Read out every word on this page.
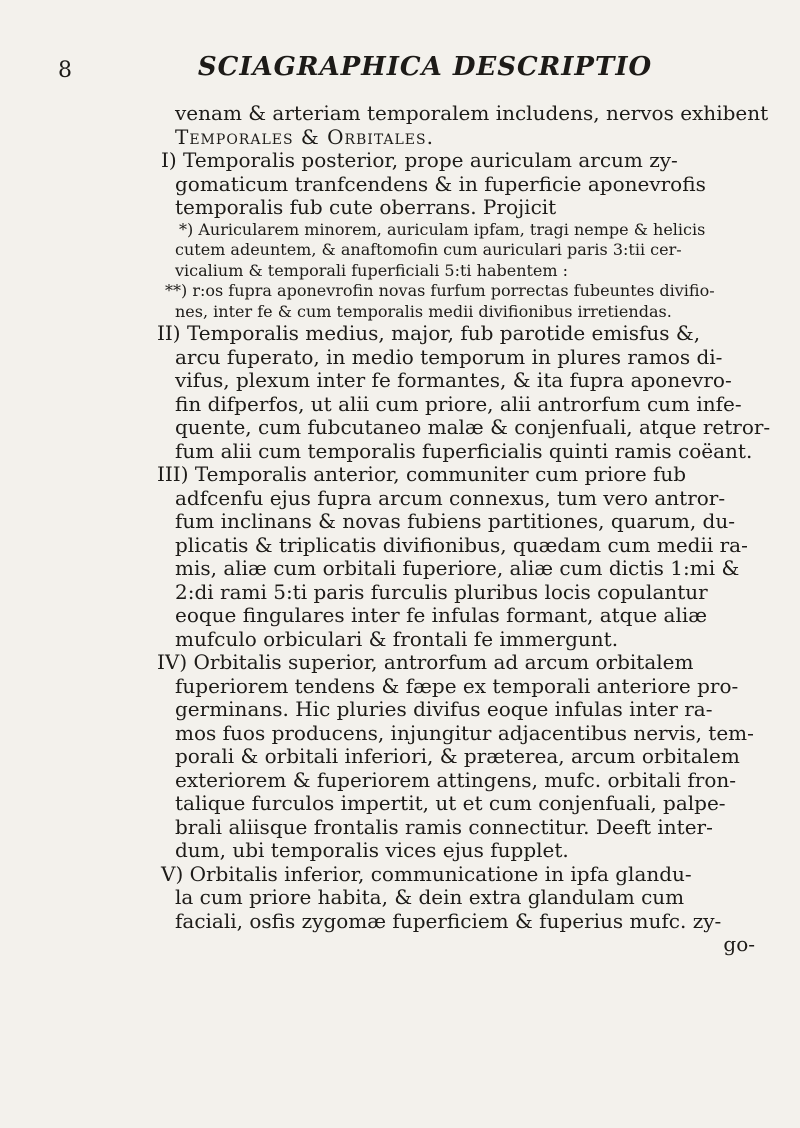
8	SCIAGRAPHICA DESCRIPTIO
venam & arteriam temporalem includens, nervos exhibent
Temporales & Orbitales.
I) Temporalis posterior, prope auriculam arcum zy-
gomaticum tranfcendens & in fuperficie aponevrofis
temporalis fub cute oberrans. Projicit
*) Auricularem minorem, auriculam ipfam, tragi nempe & helicis
cutem adeuntem, & anaftomofin cum auriculari paris 3:tii cer-
vicalium & temporali fuperficiali 5:ti habentem :
**) r:os fupra aponevrofin novas furfum porrectas fubeuntes divifio-
nes, inter fe & cum temporalis medii divifionibus irretiendas.
II) Temporalis medius, major, fub parotide emisfus &,
arcu fuperato, in medio temporum in plures ramos di-
vifus, plexum inter fe formantes, & ita fupra aponevro-
fin difperfos, ut alii cum priore, alii antrorfum cum infe-
quente, cum fubcutaneo malæ & conjenfuali, atque retror-
fum alii cum temporalis fuperficialis quinti ramis coëant.
III) Temporalis anterior, communiter cum priore fub
adfcenfu ejus fupra arcum connexus, tum vero antror-
fum inclinans & novas fubiens partitiones, quarum, du-
plicatis & triplicatis divifionibus, quædam cum medii ra-
mis, aliæ cum orbitali fuperiore, aliæ cum dictis 1:mi &
2:di rami 5:ti paris furculis pluribus locis copulantur
eoque fingulares inter fe infulas formant, atque aliæ
mufculo orbiculari & frontali fe immergunt.
IV) Orbitalis superior, antrorfum ad arcum orbitalem
fuperiorem tendens & fæpe ex temporali anteriore pro-
germinans. Hic pluries divifus eoque infulas inter ra-
mos fuos producens, injungitur adjacentibus nervis, tem-
porali & orbitali inferiori, & præterea, arcum orbitalem
exteriorem & fuperiorem attingens, mufc. orbitali fron-
talique furculos impertit, ut et cum conjenfuali, palpe-
brali aliisque frontalis ramis connectitur. Deeft inter-
dum, ubi temporalis vices ejus fupplet.
V) Orbitalis inferior, communicatione in ipfa glandu-
la cum priore habita, & dein extra glandulam cum
faciali, osfis zygomæ fuperficiem & fuperius mufc. zy-
go-
